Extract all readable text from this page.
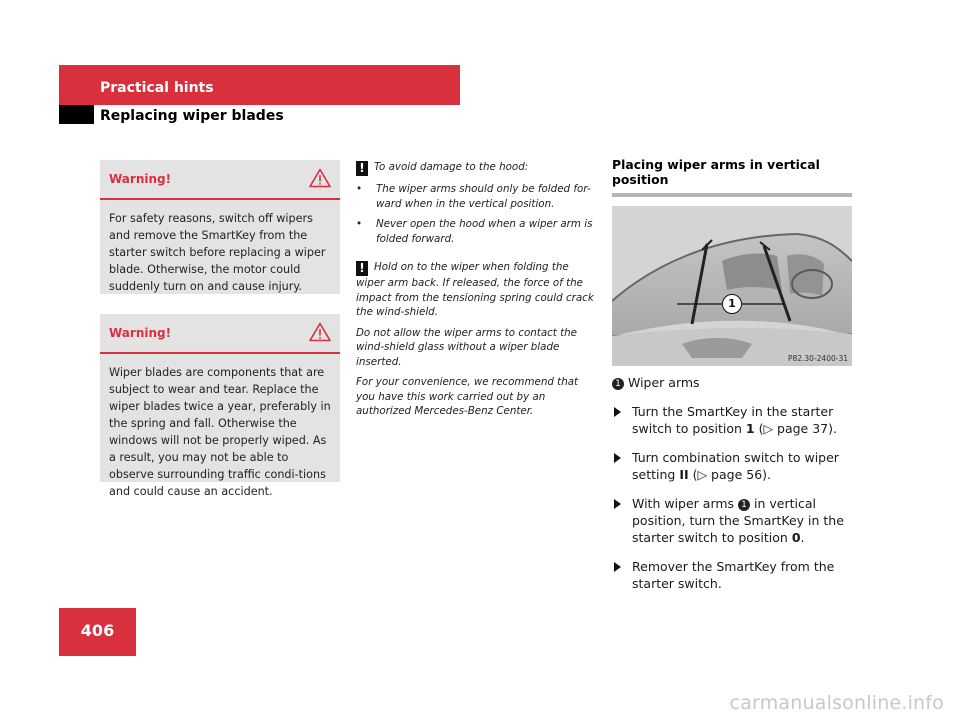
Practical hints
Replacing wiper blades
Warning!
For safety reasons, switch off wipers and remove the SmartKey from the starter switch before replacing a wiper blade. Otherwise, the motor could suddenly turn on and cause injury.
Warning!
Wiper blades are components that are subject to wear and tear. Replace the wiper blades twice a year, preferably in the spring and fall. Otherwise the windows will not be properly wiped. As a result, you may not be able to observe surrounding traffic condi-tions and could cause an accident.

! To avoid damage to the hood:

• The wiper arms should only be folded for-ward when in the vertical position.

• Never open the hood when a wiper arm is folded forward.

! Hold on to the wiper when folding the wiper arm back. If released, the force of the impact from the tensioning spring could crack the wind-shield.

Do not allow the wiper arms to contact the wind-shield glass without a wiper blade inserted.

For your convenience, we recommend that you have this work carried out by an authorized Mercedes-Benz Center.

Placing wiper arms in vertical position
1
P82.30-2400-31
1 Wiper arms
Turn the SmartKey in the starter switch to position 1 (▷ page 37).
Turn combination switch to wiper setting II (▷ page 56).
With wiper arms 1 in vertical position, turn the SmartKey in the starter switch to position 0.
Remover the SmartKey from the starter switch.
406
carmanualsonline.info
